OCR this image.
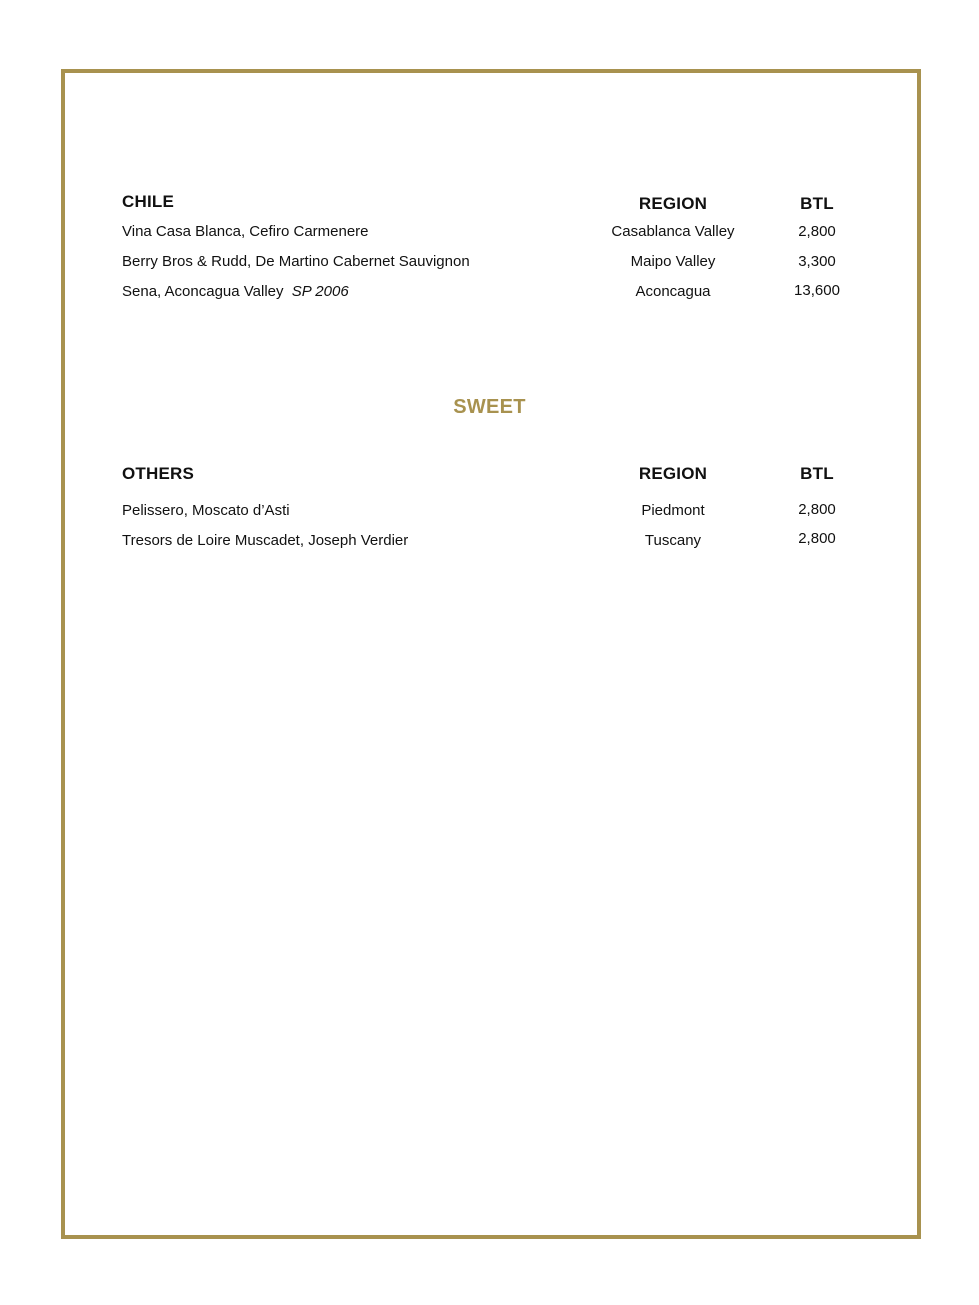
CHILE	REGION	BTL
Vina Casa Blanca, Cefiro Carmenere	Casablanca Valley	2,800
Berry Bros & Rudd, De Martino Cabernet Sauvignon	Maipo Valley	3,300
Sena, Aconcagua Valley SP 2006	Aconcagua	13,600
SWEET
OTHERS	REGION	BTL
Pelissero, Moscato d’Asti	Piedmont	2,800
Tresors de Loire Muscadet, Joseph Verdier	Tuscany	2,800
